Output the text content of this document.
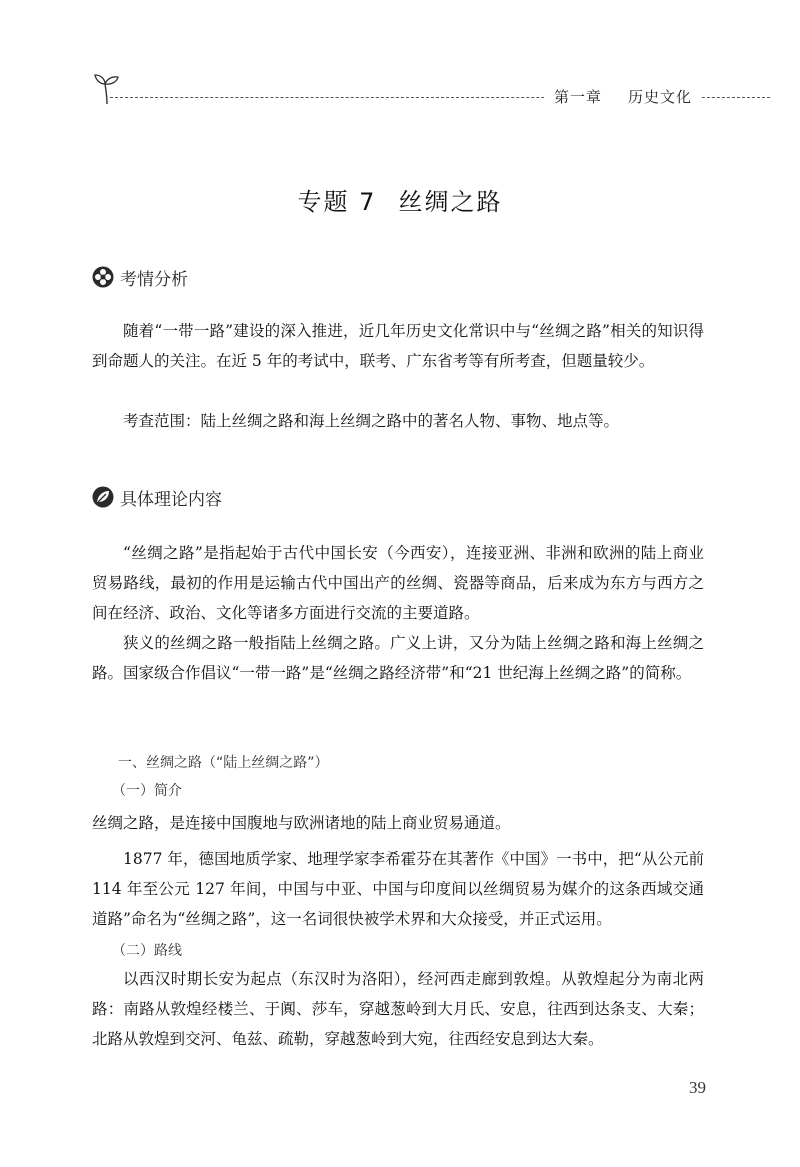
第一章 历史文化
专题 7 丝绸之路
考情分析

随着“一带一路”建设的深入推进，近几年历史文化常识中与“丝绸之路”相关的知识得到命题人的关注。在近 5 年的考试中，联考、广东省考等有所考查，但题量较少。

考查范围：陆上丝绸之路和海上丝绸之路中的著名人物、事物、地点等。

具体理论内容

“丝绸之路”是指起始于古代中国长安（今西安），连接亚洲、非洲和欧洲的陆上商业贸易路线，最初的作用是运输古代中国出产的丝绸、瓷器等商品，后来成为东方与西方之间在经济、政治、文化等诸多方面进行交流的主要道路。

狭义的丝绸之路一般指陆上丝绸之路。广义上讲，又分为陆上丝绸之路和海上丝绸之路。国家级合作倡议“一带一路”是“丝绸之路经济带”和“21 世纪海上丝绸之路”的简称。

一、丝绸之路（“陆上丝绸之路”）
（一）简介

丝绸之路，是连接中国腹地与欧洲诸地的陆上商业贸易通道。

1877 年，德国地质学家、地理学家李希霍芬在其著作《中国》一书中，把“从公元前 114 年至公元 127 年间，中国与中亚、中国与印度间以丝绸贸易为媒介的这条西域交通道路”命名为“丝绸之路”，这一名词很快被学术界和大众接受，并正式运用。

（二）路线

以西汉时期长安为起点（东汉时为洛阳），经河西走廊到敦煌。从敦煌起分为南北两路：南路从敦煌经楼兰、于阗、莎车，穿越葱岭到大月氏、安息，往西到达条支、大秦；北路从敦煌到交河、龟兹、疏勒，穿越葱岭到大宛，往西经安息到达大秦。

39
